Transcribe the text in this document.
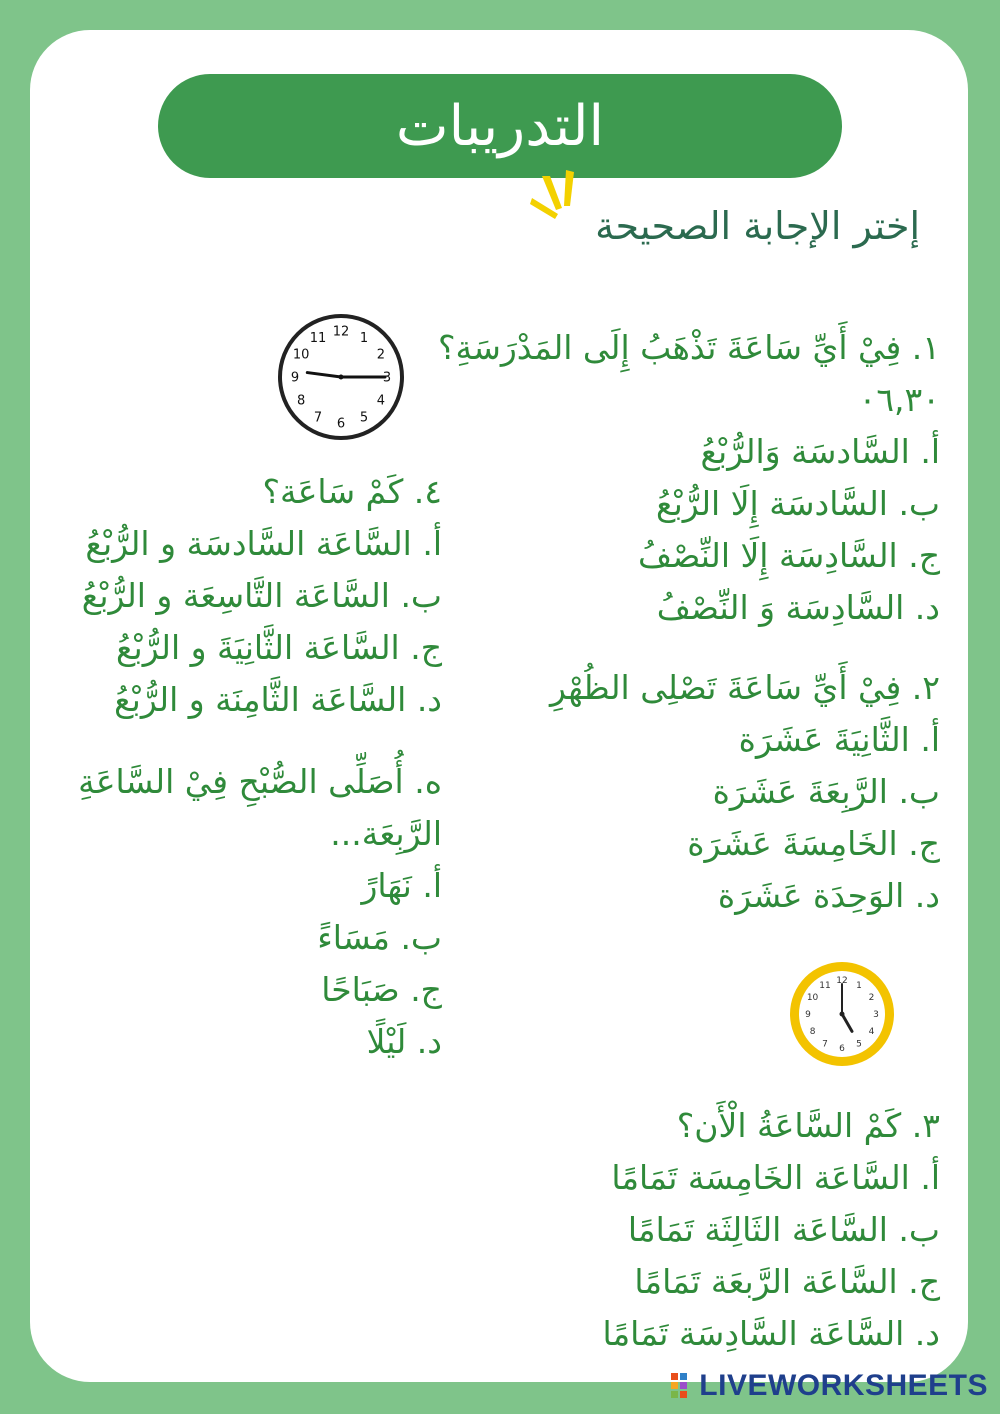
التدريبات
إختر الإجابة الصحيحة
12 1
2
3
4
5
6
7
8
9
10
11
12 1
2
3
4
5
6
7
8
9
10
11
١. فِيْ أَيِّ سَاعَةَ تَذْهَبُ إِلَى المَدْرَسَةِ؟
٠٦,٣٠
أ. السَّادسَة وَالرُّبْعُ
ب. السَّادسَة إِلَا الرُّبْعُ
ج. السَّادِسَة إِلَا النِّصْفُ
د. السَّادِسَة وَ النِّصْفُ
٢. فِيْ أَيِّ سَاعَةَ تَصْلِى الظُهْرِ
أ. الثَّانِيَةَ عَشَرَة
ب. الرَّبِعَةَ عَشَرَة
ج. الخَامِسَةَ عَشَرَة
د. الوَحِدَة عَشَرَة
٣. كَمْ السَّاعَةُ الْأَن؟
أ. السَّاعَة الخَامِسَة تَمَامًا
ب. السَّاعَة الثَالِثَة تَمَامًا
ج. السَّاعَة الرَّبعَة تَمَامًا
د. السَّاعَة السَّادِسَة تَمَامًا
٤. كَمْ سَاعَة؟
أ. السَّاعَة السَّادسَة و الرُّبْعُ
ب. السَّاعَة التَّاسِعَة و الرُّبْعُ
ج. السَّاعَة الثَّانِيَةَ و الرُّبْعُ
د. السَّاعَة الثَّامِنَة و الرُّبْعُ
ه. أُصَلِّى الصُّبْحِ فِيْ السَّاعَةِ
الرَّبِعَة...
أ. نَهَارً
ب. مَسَاءً
ج. صَبَاحًا
د. لَيْلًا
LIVEWORKSHEETS
